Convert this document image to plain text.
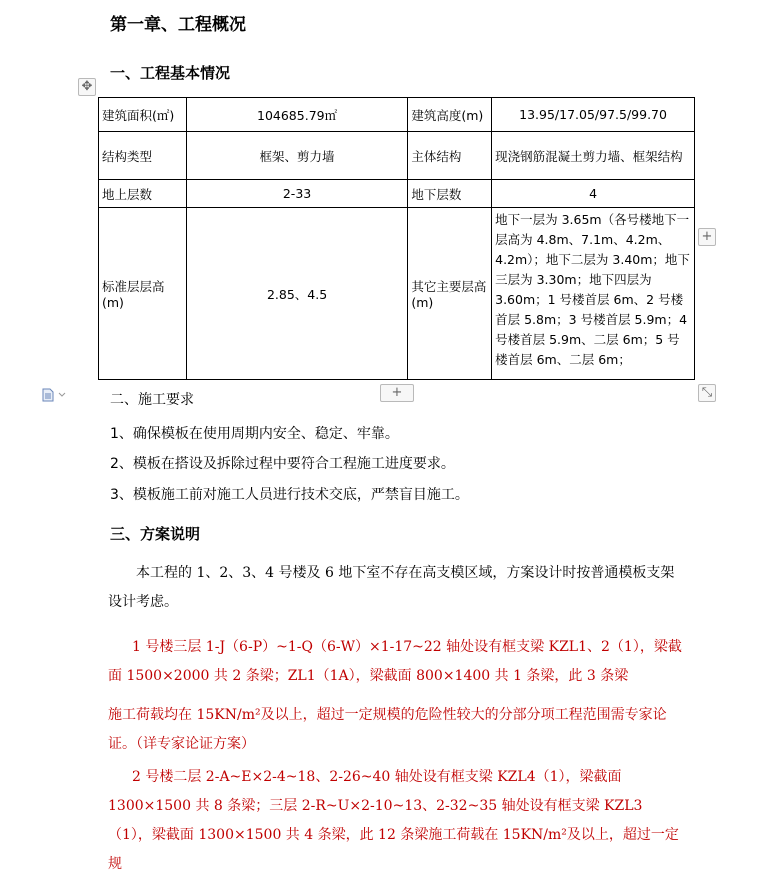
第一章、工程概况
✥
一、工程基本情况
建筑面积(㎡)	104685.79㎡	建筑高度(m)	13.95/17.05/97.5/99.70
结构类型	框架、剪力墙	主体结构	现浇钢筋混凝土剪力墙、框架结构
地上层数	2-33	地下层数	4
标准层层高(m)	2.85、4.5	其它主要层高(m)	地下一层为 3.65m（各号楼地下一层高为 4.8m、7.1m、4.2m、4.2m）；地下二层为 3.40m；地下三层为 3.30m；地下四层为 3.60m；1 号楼首层 6m、2 号楼首层 5.8m；3 号楼首层 5.9m；4 号楼首层 5.9m、二层 6m；5 号楼首层 6m、二层 6m；
+
+	⤡
二、施工要求
1、确保模板在使用周期内安全、稳定、牢靠。
2、模板在搭设及拆除过程中要符合工程施工进度要求。
3、模板施工前对施工人员进行技术交底，严禁盲目施工。
三、方案说明
本工程的 1、2、3、4 号楼及 6 地下室不存在高支模区域，方案设计时按普通模板支架设计考虑。
1 号楼三层 1-J（6-P）~1-Q（6-W）×1-17~22 轴处设有框支梁 KZL1、2（1），梁截面 1500×2000 共 2 条梁；ZL1（1A），梁截面 800×1400 共 1 条梁，此 3 条梁
施工荷载均在 15KN/m²及以上，超过一定规模的危险性较大的分部分项工程范围需专家论证。（详专家论证方案）
2 号楼二层 2-A~E×2-4~18、2-26~40 轴处设有框支梁 KZL4（1），梁截面 1300×1500 共 8 条梁；三层 2-R~U×2-10~13、2-32~35 轴处设有框支梁 KZL3（1），梁截面 1300×1500 共 4 条梁，此 12 条梁施工荷载在 15KN/m²及以上，超过一定规
